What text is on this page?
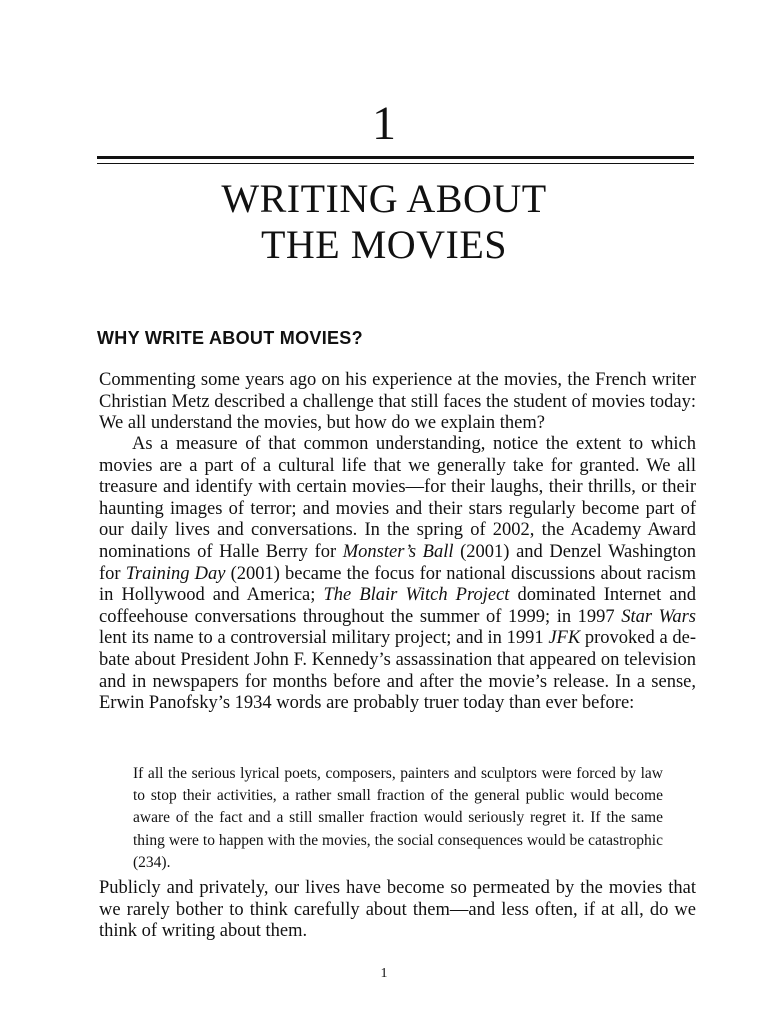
1
WRITING ABOUT
THE MOVIES
WHY WRITE ABOUT MOVIES?

Commenting some years ago on his experience at the movies, the French writer Christian Metz described a challenge that still faces the student of movies today: We all understand the movies, but how do we explain them?

As a measure of that common understanding, notice the extent to which movies are a part of a cultural life that we generally take for granted. We all treasure and identify with certain movies—for their laughs, their thrills, or their haunting images of terror; and movies and their stars regularly become part of our daily lives and conversations. In the spring of 2002, the Academy Award nominations of Halle Berry for Monster’s Ball (2001) and Denzel Washington for Training Day (2001) became the focus for national discussions about racism in Hollywood and America; The Blair Witch Project dominated Internet and coffeehouse conversations throughout the summer of 1999; in 1997 Star Wars lent its name to a controversial military project; and in 1991 JFK provoked a debate about President John F. Kennedy’s assassination that appeared on television and in newspapers for months before and after the movie’s release. In a sense, Erwin Panofsky’s 1934 words are probably truer today than ever before:

If all the serious lyrical poets, composers, painters and sculptors were forced by law to stop their activities, a rather small fraction of the general public would become aware of the fact and a still smaller fraction would seriously regret it. If the same thing were to happen with the movies, the social consequences would be catastrophic (234).

Publicly and privately, our lives have become so permeated by the movies that we rarely bother to think carefully about them—and less often, if at all, do we think of writing about them.

1
